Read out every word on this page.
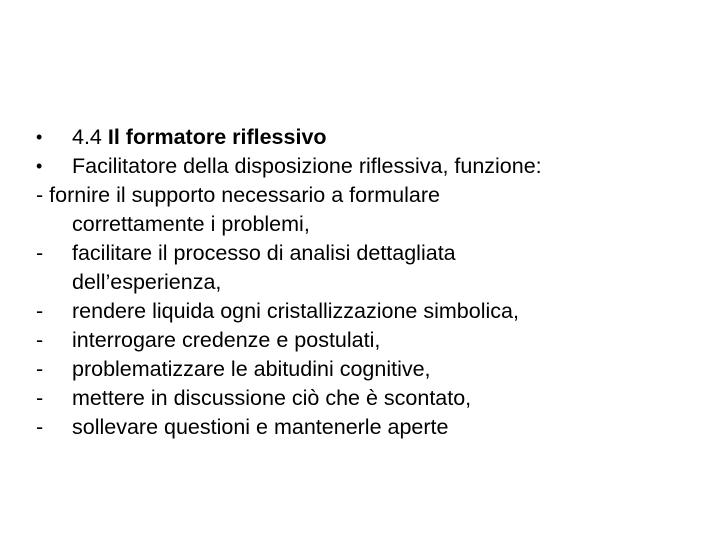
•	4.4 Il formatore riflessivo
•	Facilitatore della disposizione riflessiva, funzione:
- fornire il supporto necessario a formulare
correttamente i problemi,
-	facilitare il processo di analisi dettagliata
dell’esperienza,
-	rendere liquida ogni cristallizzazione simbolica,
-	interrogare credenze e postulati,
-	problematizzare le abitudini cognitive,
-	mettere in discussione ciò che è scontato,
-	sollevare questioni e mantenerle aperte
